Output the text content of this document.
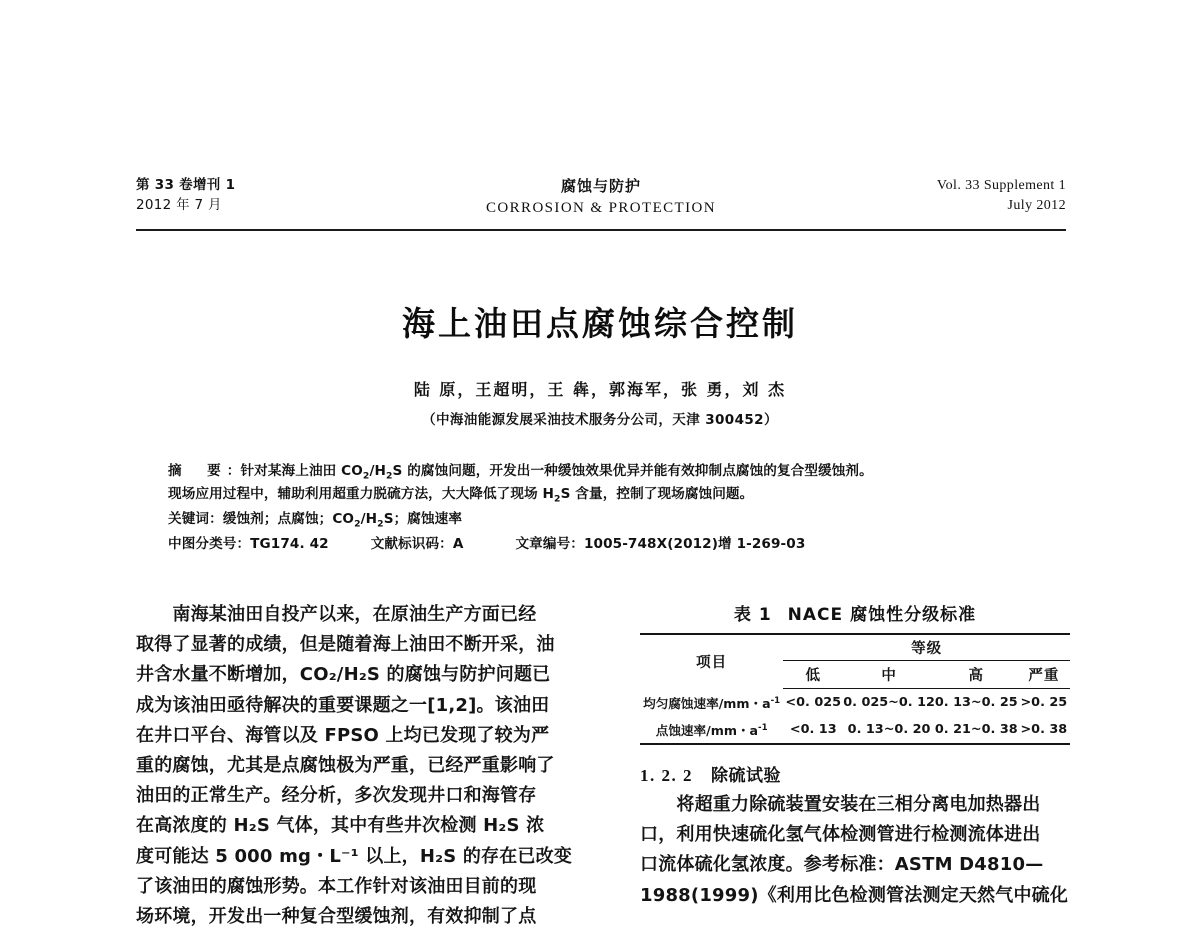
第 33 卷增刊 1
2012 年 7 月
腐蚀与防护
CORROSION & PROTECTION
Vol. 33 Supplement 1
July 2012
海上油田点腐蚀综合控制
陆 原，王超明，王 犇，郭海军，张 勇，刘 杰
（中海油能源发展采油技术服务分公司，天津 300452）
摘　要：针对某海上油田 $CO_2/H_2S$ 的腐蚀问题，开发出一种缓蚀效果优异并能有效抑制点腐蚀的复合型缓蚀剂。
现场应用过程中，辅助利用超重力脱硫方法，大大降低了现场 $H_2S$ 含量，控制了现场腐蚀问题。
关键词：缓蚀剂；点腐蚀；$CO_2/H_2S$；腐蚀速率
中图分类号：TG174. 42	文献标识码：A	文章编号：1005-748X(2012)增 1-269-03
　　南海某油田自投产以来，在原油生产方面已经
取得了显著的成绩，但是随着海上油田不断开采，油
井含水量不断增加，CO₂/H₂S 的腐蚀与防护问题已
成为该油田亟待解决的重要课题之一[1,2]。该油田
在井口平台、海管以及 FPSO 上均已发现了较为严
重的腐蚀，尤其是点腐蚀极为严重，已经严重影响了
油田的正常生产。经分析，多次发现井口和海管存
在高浓度的 H₂S 气体，其中有些井次检测 H₂S 浓
度可能达 5 000 mg・L⁻¹ 以上，H₂S 的存在已改变
了该油田的腐蚀形势。本工作针对该油田目前的现
场环境，开发出一种复合型缓蚀剂，有效抑制了点
表 1 NACE 腐蚀性分级标准
项目	等级			
	低	中	高	严重
均匀腐蚀速率/mm・$a^{-1}$	<0. 025	0. 025~0. 12	0. 13~0. 25	>0. 25
点蚀速率/mm・$a^{-1}$	<0. 13	0. 13~0. 20	0. 21~0. 38	>0. 38
1. 2. 2 除硫试验
　　将超重力除硫装置安装在三相分离电加热器出
口，利用快速硫化氢气体检测管进行检测流体进出
口流体硫化氢浓度。参考标准：ASTM D4810—
1988(1999)《利用比色检测管法测定天然气中硫化
